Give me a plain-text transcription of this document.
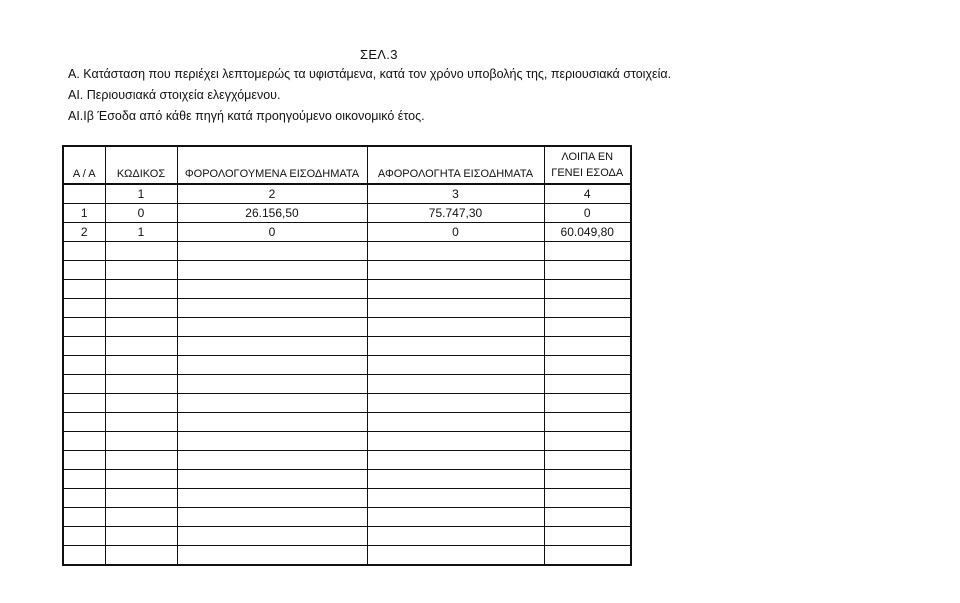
ΣΕΛ.3
Α. Κατάσταση που περιέχει λεπτομερώς τα υφιστάμενα, κατά τον χρόνο υποβολής της, περιουσιακά στοιχεία.
ΑΙ. Περιουσιακά στοιχεία ελεγχόμενου.
ΑΙ.Ιβ Έσοδα από κάθε πηγή κατά προηγούμενο οικονομικό έτος.
Α / Α	ΚΩΔΙΚΟΣ	ΦΟΡΟΛΟΓΟΥΜΕΝΑ ΕΙΣΟΔΗΜΑΤΑ	ΑΦΟΡΟΛΟΓΗΤΑ ΕΙΣΟΔΗΜΑΤΑ	ΛΟΙΠΑ ΕΝ ΓΕΝΕΙ ΕΣΟΔΑ
	1	2	3	4
1	0	26.156,50	75.747,30	0
2	1	0	0	60.049,80
